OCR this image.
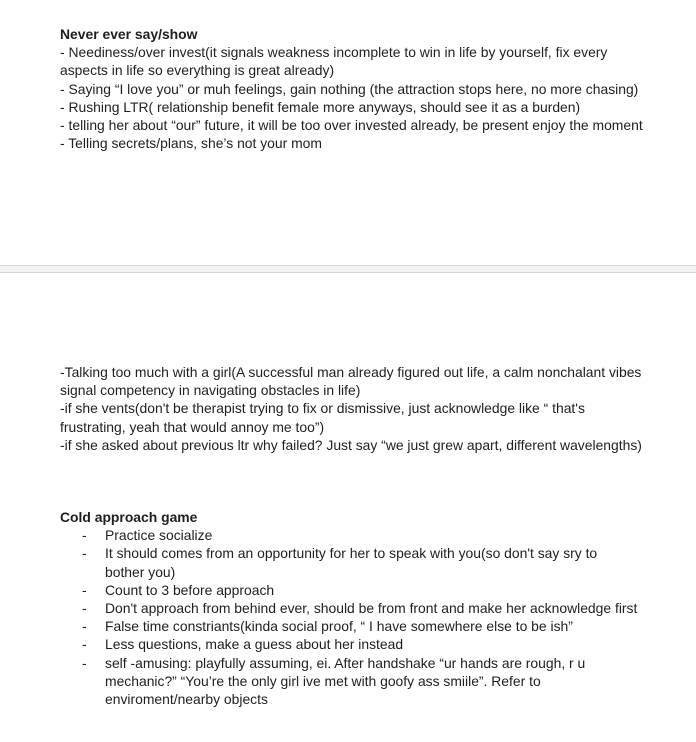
Never ever say/show
- Neediness/over invest(it signals weakness incomplete to win in life by yourself, fix every
aspects in life so everything is great already)
- Saying “I love you” or muh feelings, gain nothing (the attraction stops here, no more chasing)
- Rushing LTR( relationship benefit female more anyways, should see it as a burden)
- telling her about “our” future, it will be too over invested already, be present enjoy the moment
- Telling secrets/plans, she’s not your mom
-Talking too much with a girl(A successful man already figured out life, a calm nonchalant vibes
signal competency in navigating obstacles in life)
-if she vents(don't be therapist trying to fix or dismissive, just acknowledge like “ that's
frustrating, yeah that would annoy me too”)
-if she asked about previous ltr why failed? Just say “we just grew apart, different wavelengths)
Cold approach game
- Practice socialize
- It should comes from an opportunity for her to speak with you(so don't say sry to bother you)
- Count to 3 before approach
- Don't approach from behind ever, should be from front and make her acknowledge first
- False time constriants(kinda social proof, “ I have somewhere else to be ish”
- Less questions, make a guess about her instead
- self -amusing: playfully assuming, ei. After handshake “ur hands are rough, r u mechanic?” “You’re the only girl ive met with goofy ass smiile”. Refer to enviroment/nearby objects
